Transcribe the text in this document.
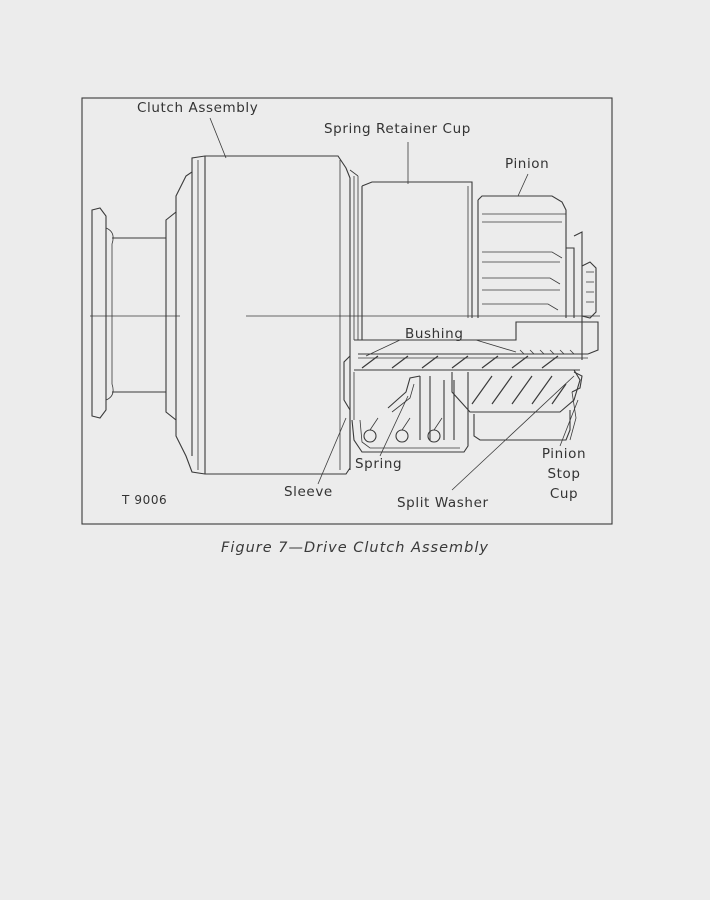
Clutch Assembly
Spring Retainer Cup
Pinion
Bushing
Spring
Sleeve
Split Washer
Pinion
Stop
Cup
T 9006
Figure 7—Drive Clutch Assembly
